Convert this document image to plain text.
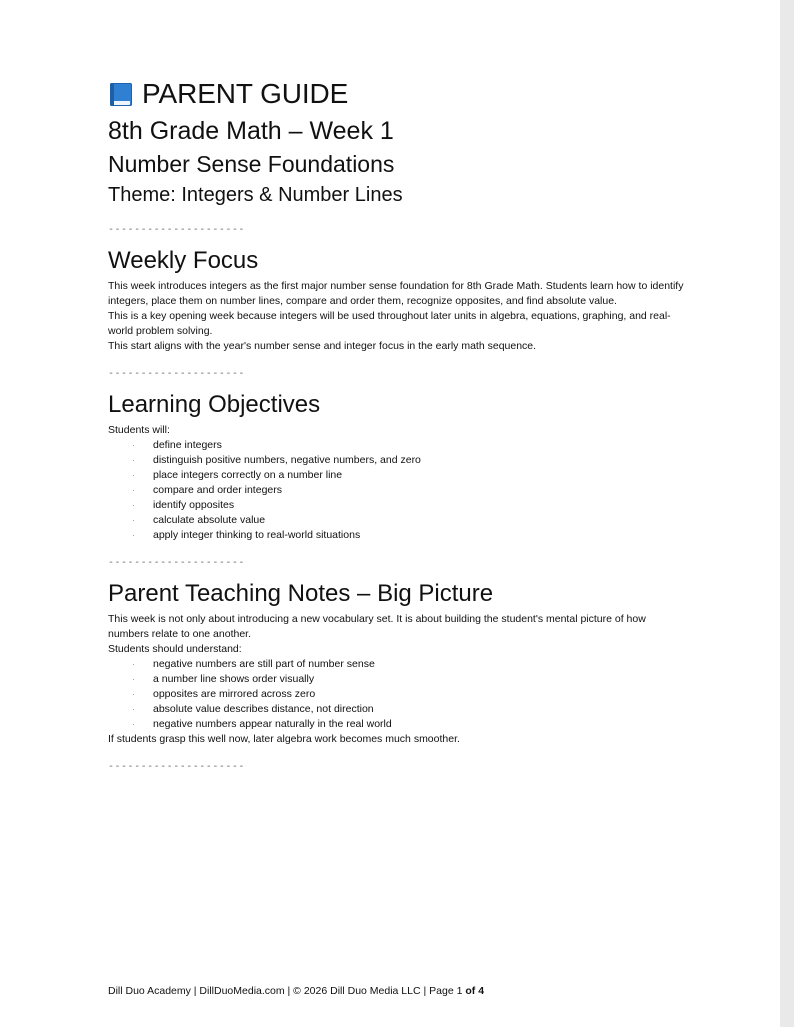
PARENT GUIDE
8th Grade Math – Week 1
Number Sense Foundations
Theme: Integers & Number Lines
---------------------
Weekly Focus

This week introduces integers as the first major number sense foundation for 8th Grade Math. Students learn how to identify integers, place them on number lines, compare and order them, recognize opposites, and find absolute value.

This is a key opening week because integers will be used throughout later units in algebra, equations, graphing, and real-world problem solving.

This start aligns with the year's number sense and integer focus in the early math sequence.

---------------------
Learning Objectives

Students will:

·	define integers
·	distinguish positive numbers, negative numbers, and zero
·	place integers correctly on a number line
·	compare and order integers
·	identify opposites
·	calculate absolute value
·	apply integer thinking to real-world situations
---------------------
Parent Teaching Notes – Big Picture

This week is not only about introducing a new vocabulary set. It is about building the student's mental picture of how numbers relate to one another.

Students should understand:

·	negative numbers are still part of number sense
·	a number line shows order visually
·	opposites are mirrored across zero
·	absolute value describes distance, not direction
·	negative numbers appear naturally in the real world

If students grasp this well now, later algebra work becomes much smoother.

---------------------
Dill Duo Academy | DillDuoMedia.com | © 2026 Dill Duo Media LLC | Page 1 of 4
